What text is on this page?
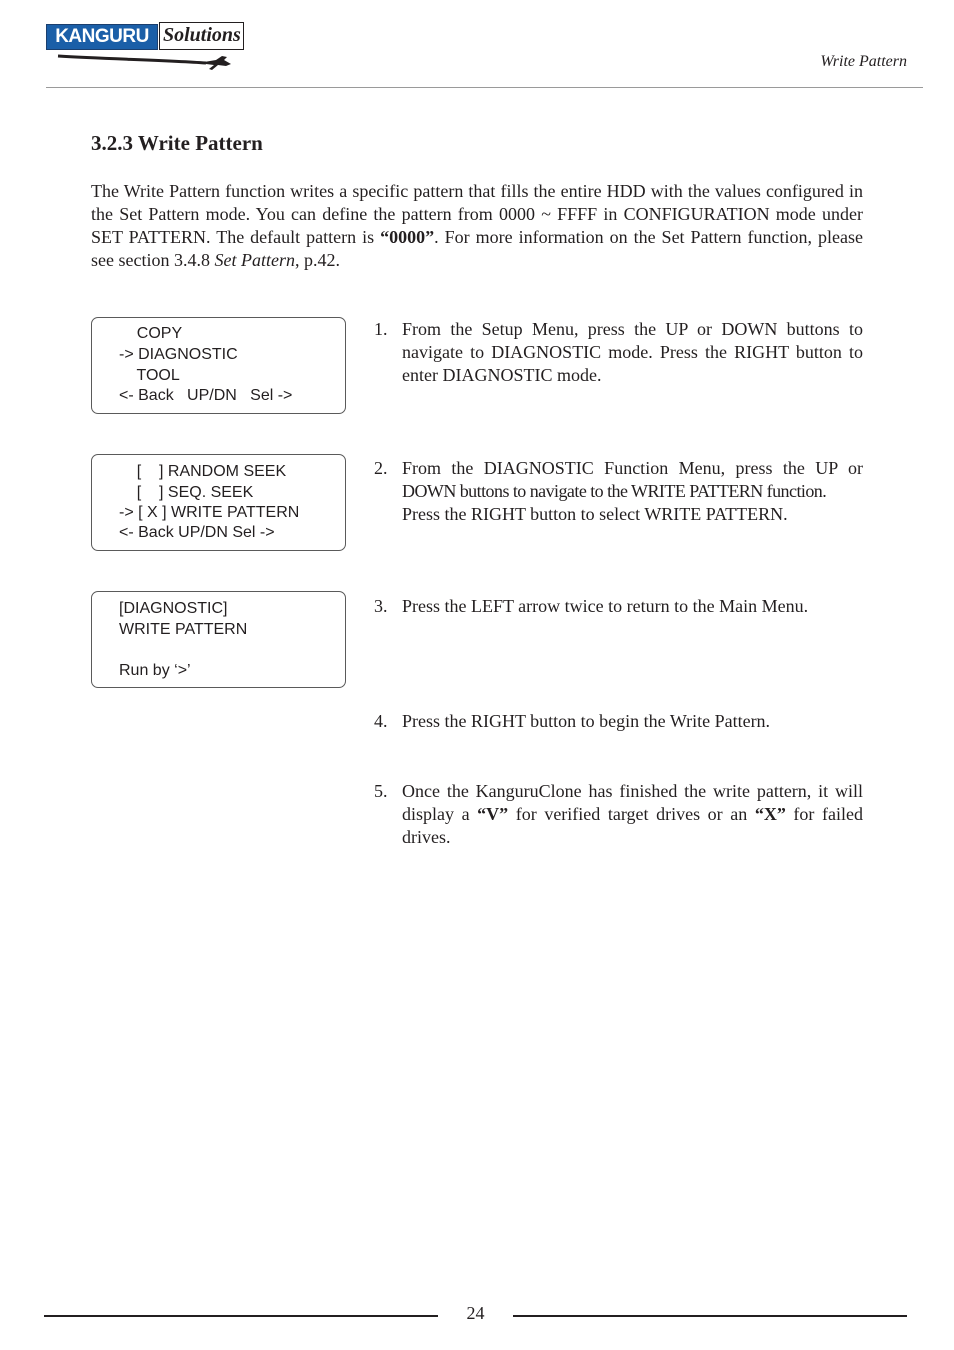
KANGURU Solutions
Write Pattern
3.2.3 Write Pattern

The Write Pattern function writes a specific pattern that fills the entire HDD with the values configured in the Set Pattern mode. You can define the pattern from 0000 ~ FFFF in CONFIGURATION mode under SET PATTERN. The default pattern is “0000”. For more information on the Set Pattern function, please see section 3.4.8 Set Pattern, p.42.

COPY
-> DIAGNOSTIC
TOOL
<- Back   UP/DN   Sel ->
[    ] RANDOM SEEK
[    ] SEQ. SEEK
-> [ X ] WRITE PATTERN
<- Back UP/DN Sel ->
[DIAGNOSTIC]
WRITE PATTERN
Run by ‘>’
1. From the Setup Menu, press the UP or DOWN buttons to navigate to DIAGNOSTIC mode. Press the RIGHT button to enter DIAGNOSTIC mode.
2. From the DIAGNOSTIC Function Menu, press the UP or
DOWN buttons to navigate to the WRITE PATTERN function.
Press the RIGHT button to select WRITE PATTERN.
3. Press the LEFT arrow twice to return to the Main Menu.
4. Press the RIGHT button to begin the Write Pattern.
5. Once the KanguruClone has finished the write pattern, it will display a “V” for verified target drives or an “X” for failed drives.
24
